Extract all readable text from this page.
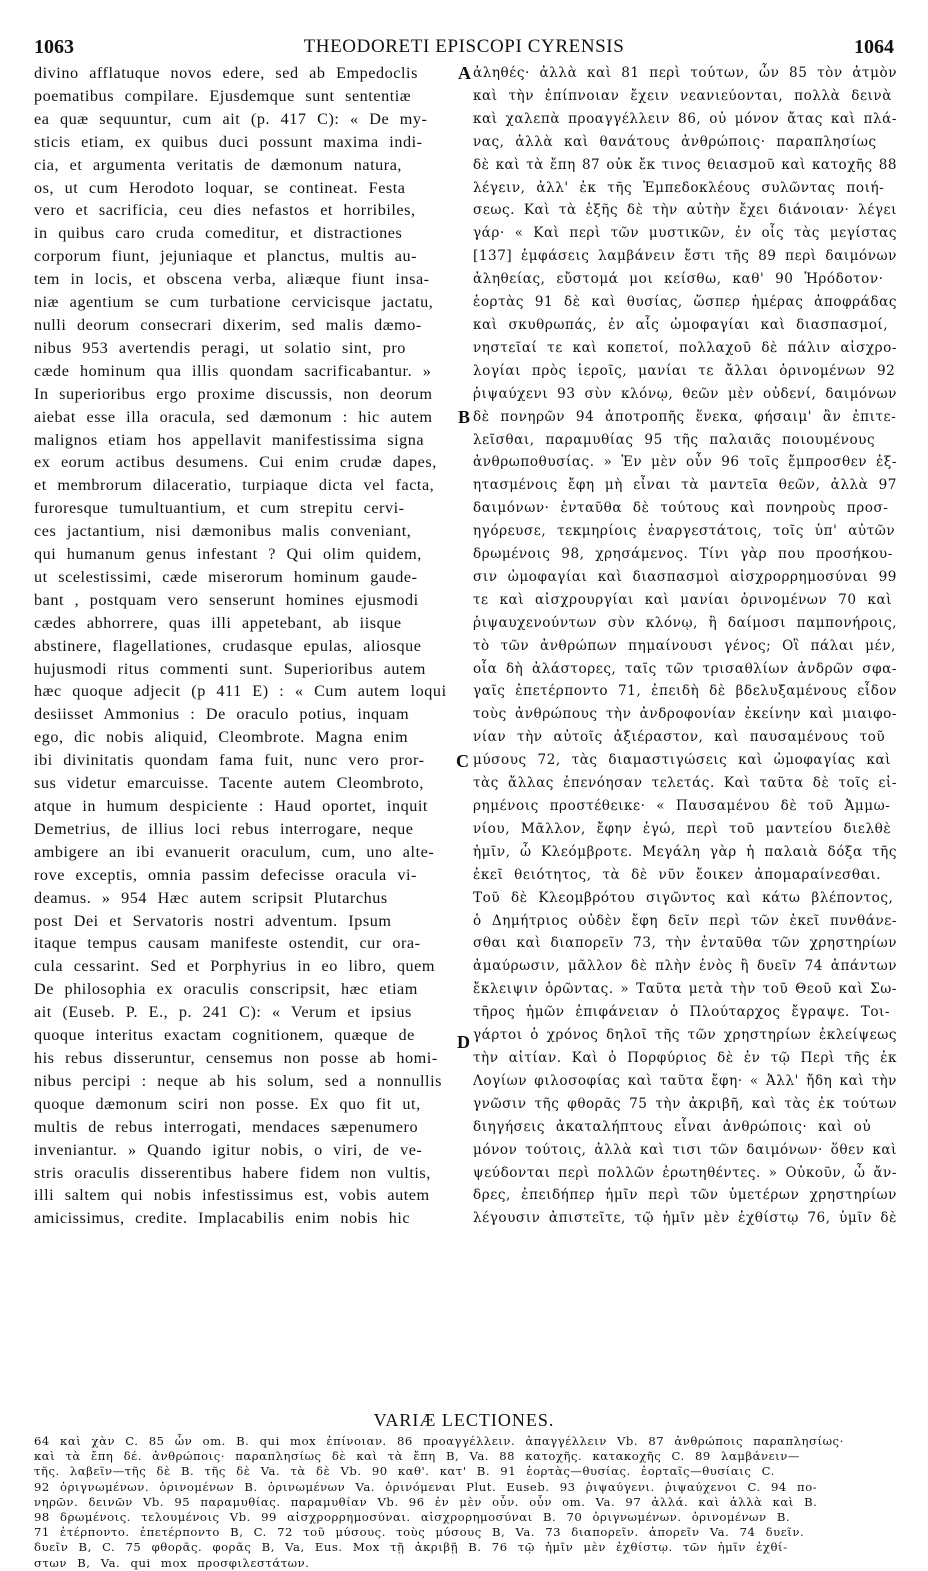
1063	THEODORETI EPISCOPI CYRENSIS	1064
divino afflatuque novos edere, sed ab Empedoclis
poematibus compilare. Ejusdemque sunt sententiæ
ea quæ sequuntur, cum ait (p. 417 C): « De my-
sticis etiam, ex quibus duci possunt maxima indi-
cia, et argumenta veritatis de dæmonum natura,
os, ut cum Herodoto loquar, se contineat. Festa
vero et sacrificia, ceu dies nefastos et horribiles,
in quibus caro cruda comeditur, et distractiones
corporum fiunt, jejuniaque et planctus, multis au-
tem in locis, et obscena verba, aliæque fiunt insa-
niæ agentium se cum turbatione cervicisque jactatu,
nulli deorum consecrari dixerim, sed malis dæmo-
nibus 953 avertendis peragi, ut solatio sint, pro
cæde hominum qua illis quondam sacrificabantur. »
In superioribus ergo proxime discussis, non deorum
aiebat esse illa oracula, sed dæmonum : hic autem
malignos etiam hos appellavit manifestissima signa
ex eorum actibus desumens. Cui enim crudæ dapes,
et membrorum dilaceratio, turpiaque dicta vel facta,
furoresque tumultuantium, et cum strepitu cervi-
ces jactantium, nisi dæmonibus malis conveniant,
qui humanum genus infestant ? Qui olim quidem,
ut scelestissimi, cæde miserorum hominum gaude-
bant , postquam vero senserunt homines ejusmodi
cædes abhorrere, quas illi appetebant, ab iisque
abstinere, flagellationes, crudasque epulas, aliosque
hujusmodi ritus commenti sunt. Superioribus autem
hæc quoque adjecit (p 411 E) : « Cum autem loqui
desiisset Ammonius : De oraculo potius, inquam
ego, dic nobis aliquid, Cleombrote. Magna enim
ibi divinitatis quondam fama fuit, nunc vero pror-
sus videtur emarcuisse. Tacente autem Cleombroto,
atque in humum despiciente : Haud oportet, inquit
Demetrius, de illius loci rebus interrogare, neque
ambigere an ibi evanuerit oraculum, cum, uno alte-
rove exceptis, omnia passim defecisse oracula vi-
deamus. » 954 Hæc autem scripsit Plutarchus
post Dei et Servatoris nostri adventum. Ipsum
itaque tempus causam manifeste ostendit, cur ora-
cula cessarint. Sed et Porphyrius in eo libro, quem
De philosophia ex oraculis conscripsit, hæc etiam
ait (Euseb. P. E., p. 241 C): « Verum et ipsius
quoque interitus exactam cognitionem, quæque de
his rebus disseruntur, censemus non posse ab homi-
nibus percipi : neque ab his solum, sed a nonnullis
quoque dæmonum sciri non posse. Ex quo fit ut,
multis de rebus interrogati, mendaces sæpenumero
inveniantur. » Quando igitur nobis, o viri, de ve-
stris oraculis disserentibus habere fidem non vultis,
illi saltem qui nobis infestissimus est, vobis autem
amicissimus, credite. Implacabilis enim nobis hic
A
B
C
D
ἀληθές· ἀλλὰ καὶ 81 περὶ τούτων, ὧν 85 τὸν ἀτμὸν
καὶ τὴν ἐπίπνοιαν ἔχειν νεανιεύονται, πολλὰ δεινὰ
καὶ χαλεπὰ προαγγέλλειν 86, οὐ μόνον ἄτας καὶ πλά-
νας, ἀλλὰ καὶ θανάτους ἀνθρώποις· παραπλησίως
δὲ καὶ τὰ ἔπη 87 οὐκ ἔκ τινος θειασμοῦ καὶ κατοχῆς 88
λέγειν, ἀλλ' ἐκ τῆς Ἐμπεδοκλέους συλῶντας ποιή-
σεως. Καὶ τὰ ἑξῆς δὲ τὴν αὐτὴν ἔχει διάνοιαν· λέγει
γάρ· « Καὶ περὶ τῶν μυστικῶν, ἐν οἷς τὰς μεγίστας
[137] ἐμφάσεις λαμβάνειν ἔστι τῆς 89 περὶ δαιμόνων
ἀληθείας, εὔστομά μοι κείσθω, καθ' 90 Ἡρόδοτον·
ἑορτὰς 91 δὲ καὶ θυσίας, ὥσπερ ἡμέρας ἀποφράδας
καὶ σκυθρωπάς, ἐν αἷς ὠμοφαγίαι καὶ διασπασμοί,
νηστεῖαί τε καὶ κοπετοί, πολλαχοῦ δὲ πάλιν αἰσχρο-
λογίαι πρὸς ἱεροῖς, μανίαι τε ἄλλαι ὀρινομένων 92
ῥιψαύχενι 93 σὺν κλόνῳ, θεῶν μὲν οὐδενί, δαιμόνων
δὲ πονηρῶν 94 ἀποτροπῆς ἕνεκα, φήσαιμ' ἂν ἐπιτε-
λεῖσθαι, παραμυθίας 95 τῆς παλαιᾶς ποιουμένους
ἀνθρωποθυσίας. » Ἐν μὲν οὖν 96 τοῖς ἔμπροσθεν ἐξ-
ητασμένοις ἔφη μὴ εἶναι τὰ μαντεῖα θεῶν, ἀλλὰ 97
δαιμόνων· ἐνταῦθα δὲ τούτους καὶ πονηροὺς προσ-
ηγόρευσε, τεκμηρίοις ἐναργεστάτοις, τοῖς ὑπ' αὐτῶν
δρωμένοις 98, χρησάμενος. Τίνι γὰρ που προσήκου-
σιν ὠμοφαγίαι καὶ διασπασμοὶ αἰσχρορρημοσύναι 99
τε καὶ αἰσχρουργίαι καὶ μανίαι ὀρινομένων 70 καὶ
ῥιψαυχενούντων σὺν κλόνῳ, ἢ δαίμοσι παμπονήροις,
τὸ τῶν ἀνθρώπων πημαίνουσι γένος; Οἳ πάλαι μέν,
οἷα δὴ ἀλάστορες, ταῖς τῶν τρισαθλίων ἀνδρῶν σφα-
γαῖς ἐπετέρποντο 71, ἐπειδὴ δὲ βδελυξαμένους εἶδον
τοὺς ἀνθρώπους τὴν ἀνδροφονίαν ἐκείνην καὶ μιαιφο-
νίαν τὴν αὐτοῖς ἀξιέραστον, καὶ παυσαμένους τοῦ
μύσους 72, τὰς διαμαστιγώσεις καὶ ὠμοφαγίας καὶ
τὰς ἄλλας ἐπενόησαν τελετάς. Καὶ ταῦτα δὲ τοῖς εἰ-
ρημένοις προστέθεικε· « Παυσαμένου δὲ τοῦ Ἀμμω-
νίου, Μᾶλλον, ἔφην ἐγώ, περὶ τοῦ μαντείου διελθὲ
ἡμῖν, ὦ Κλεόμβροτε. Μεγάλη γὰρ ἡ παλαιὰ δόξα τῆς
ἐκεῖ θειότητος, τὰ δὲ νῦν ἔοικεν ἀπομαραίνεσθαι.
Τοῦ δὲ Κλεομβρότου σιγῶντος καὶ κάτω βλέποντος,
ὁ Δημήτριος οὐδὲν ἔφη δεῖν περὶ τῶν ἐκεῖ πυνθάνε-
σθαι καὶ διαπορεῖν 73, τὴν ἐνταῦθα τῶν χρηστηρίων
ἀμαύρωσιν, μᾶλλον δὲ πλὴν ἑνὸς ἢ δυεῖν 74 ἁπάντων
ἔκλειψιν ὁρῶντας. » Ταῦτα μετὰ τὴν τοῦ Θεοῦ καὶ Σω-
τῆρος ἡμῶν ἐπιφάνειαν ὁ Πλούταρχος ἔγραψε. Τοι-
γάρτοι ὁ χρόνος δηλοῖ τῆς τῶν χρηστηρίων ἐκλείψεως
τὴν αἰτίαν. Καὶ ὁ Πορφύριος δὲ ἐν τῷ Περὶ τῆς ἐκ
Λογίων φιλοσοφίας καὶ ταῦτα ἔφη· « Ἀλλ' ἤδη καὶ τὴν
γνῶσιν τῆς φθορᾶς 75 τὴν ἀκριβῆ, καὶ τὰς ἐκ τούτων
διηγήσεις ἀκαταλήπτους εἶναι ἀνθρώποις· καὶ οὐ
μόνον τούτοις, ἀλλὰ καὶ τισι τῶν δαιμόνων· ὅθεν καὶ
ψεύδονται περὶ πολλῶν ἐρωτηθέντες. » Οὐκοῦν, ὦ ἄν-
δρες, ἐπειδήπερ ἡμῖν περὶ τῶν ὑμετέρων χρηστηρίων
λέγουσιν ἀπιστεῖτε, τῷ ἡμῖν μὲν ἐχθίστῳ 76, ὑμῖν δὲ
VARIÆ LECTIONES.
64 καὶ χὰν C. 85 ὧν om. B. qui mox ἐπίνοιαν. 86 προαγγέλλειν. ἀπαγγέλλειν Vb. 87 ἀνθρώποις παραπλησίως·
καὶ τὰ ἔπη δέ. ἀνθρώποις· παραπλησίως δὲ καὶ τὰ ἔπη B, Va. 88 κατοχῆς. κατακοχῆς C. 89 λαμβάνειν—
τῆς. λαβεῖν—τῆς δὲ B. τῆς δὲ Va. τὰ δὲ Vb. 90 καθ'. κατ' B. 91 ἑορτὰς—θυσίας. ἑορταῖς—θυσίαις C.
92 ὀριγνωμένων. ὀρινομένων B. ὀρινωμένων Va. ὀρινόμεναι Plut. Euseb. 93 ῥιψαύγενι. ῥιψαύχενοι C. 94 πο-
νηρῶν. δεινῶν Vb. 95 παραμυθίας. παραμυθίαν Vb. 96 ἐν μὲν οὖν. οὖν om. Va. 97 ἀλλά. καὶ ἀλλὰ καὶ B.
98 δρωμένοις. τελουμένοις Vb. 99 αἰσχρορρημοσύναι. αἰσχρορημοσύναι B. 70 ὀριγνωμένων. ὀρινομένων B.
71 ἐτέρποντο. ἐπετέρποντο B, C. 72 τοῦ μύσους. τοὺς μύσους B, Va. 73 διαπορεῖν. ἀπορεῖν Va. 74 δυεῖν.
δυεῖν B, C. 75 φθορᾶς. φορᾶς B, Va, Eus. Mox τῇ ἀκριβῇ B. 76 τῷ ἡμῖν μὲν ἐχθίστῳ. τῶν ἡμῖν ἐχθί-
στων B, Va. qui mox προσφιλεστάτων.
